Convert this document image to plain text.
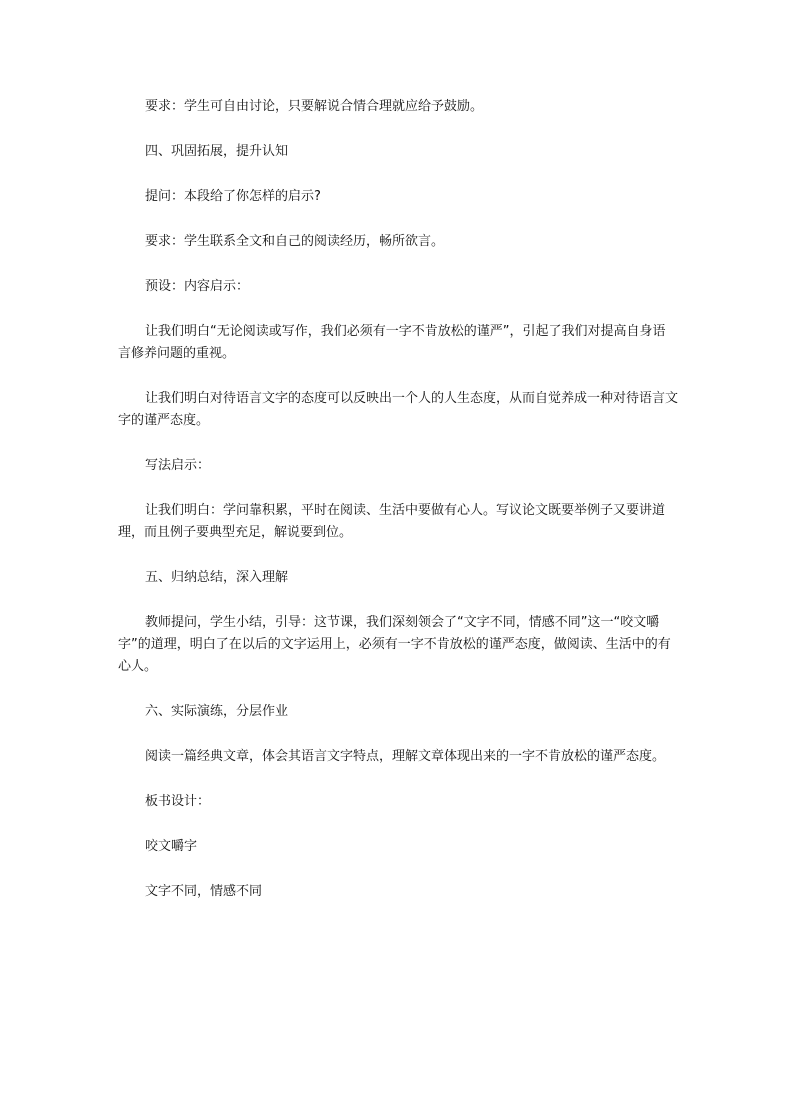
要求：学生可自由讨论，只要解说合情合理就应给予鼓励。

四、巩固拓展，提升认知

提问：本段给了你怎样的启示?

要求：学生联系全文和自己的阅读经历，畅所欲言。

预设：内容启示：

让我们明白“无论阅读或写作，我们必须有一字不肯放松的谨严”，引起了我们对提高自身语言修养问题的重视。

让我们明白对待语言文字的态度可以反映出一个人的人生态度，从而自觉养成一种对待语言文字的谨严态度。

写法启示：

让我们明白：学问靠积累，平时在阅读、生活中要做有心人。写议论文既要举例子又要讲道理，而且例子要典型充足，解说要到位。

五、归纳总结，深入理解

教师提问，学生小结，引导：这节课，我们深刻领会了“文字不同，情感不同”这一“咬文嚼字”的道理，明白了在以后的文字运用上，必须有一字不肯放松的谨严态度，做阅读、生活中的有心人。

六、实际演练，分层作业

阅读一篇经典文章，体会其语言文字特点，理解文章体现出来的一字不肯放松的谨严态度。

板书设计：

咬文嚼字

文字不同，情感不同
